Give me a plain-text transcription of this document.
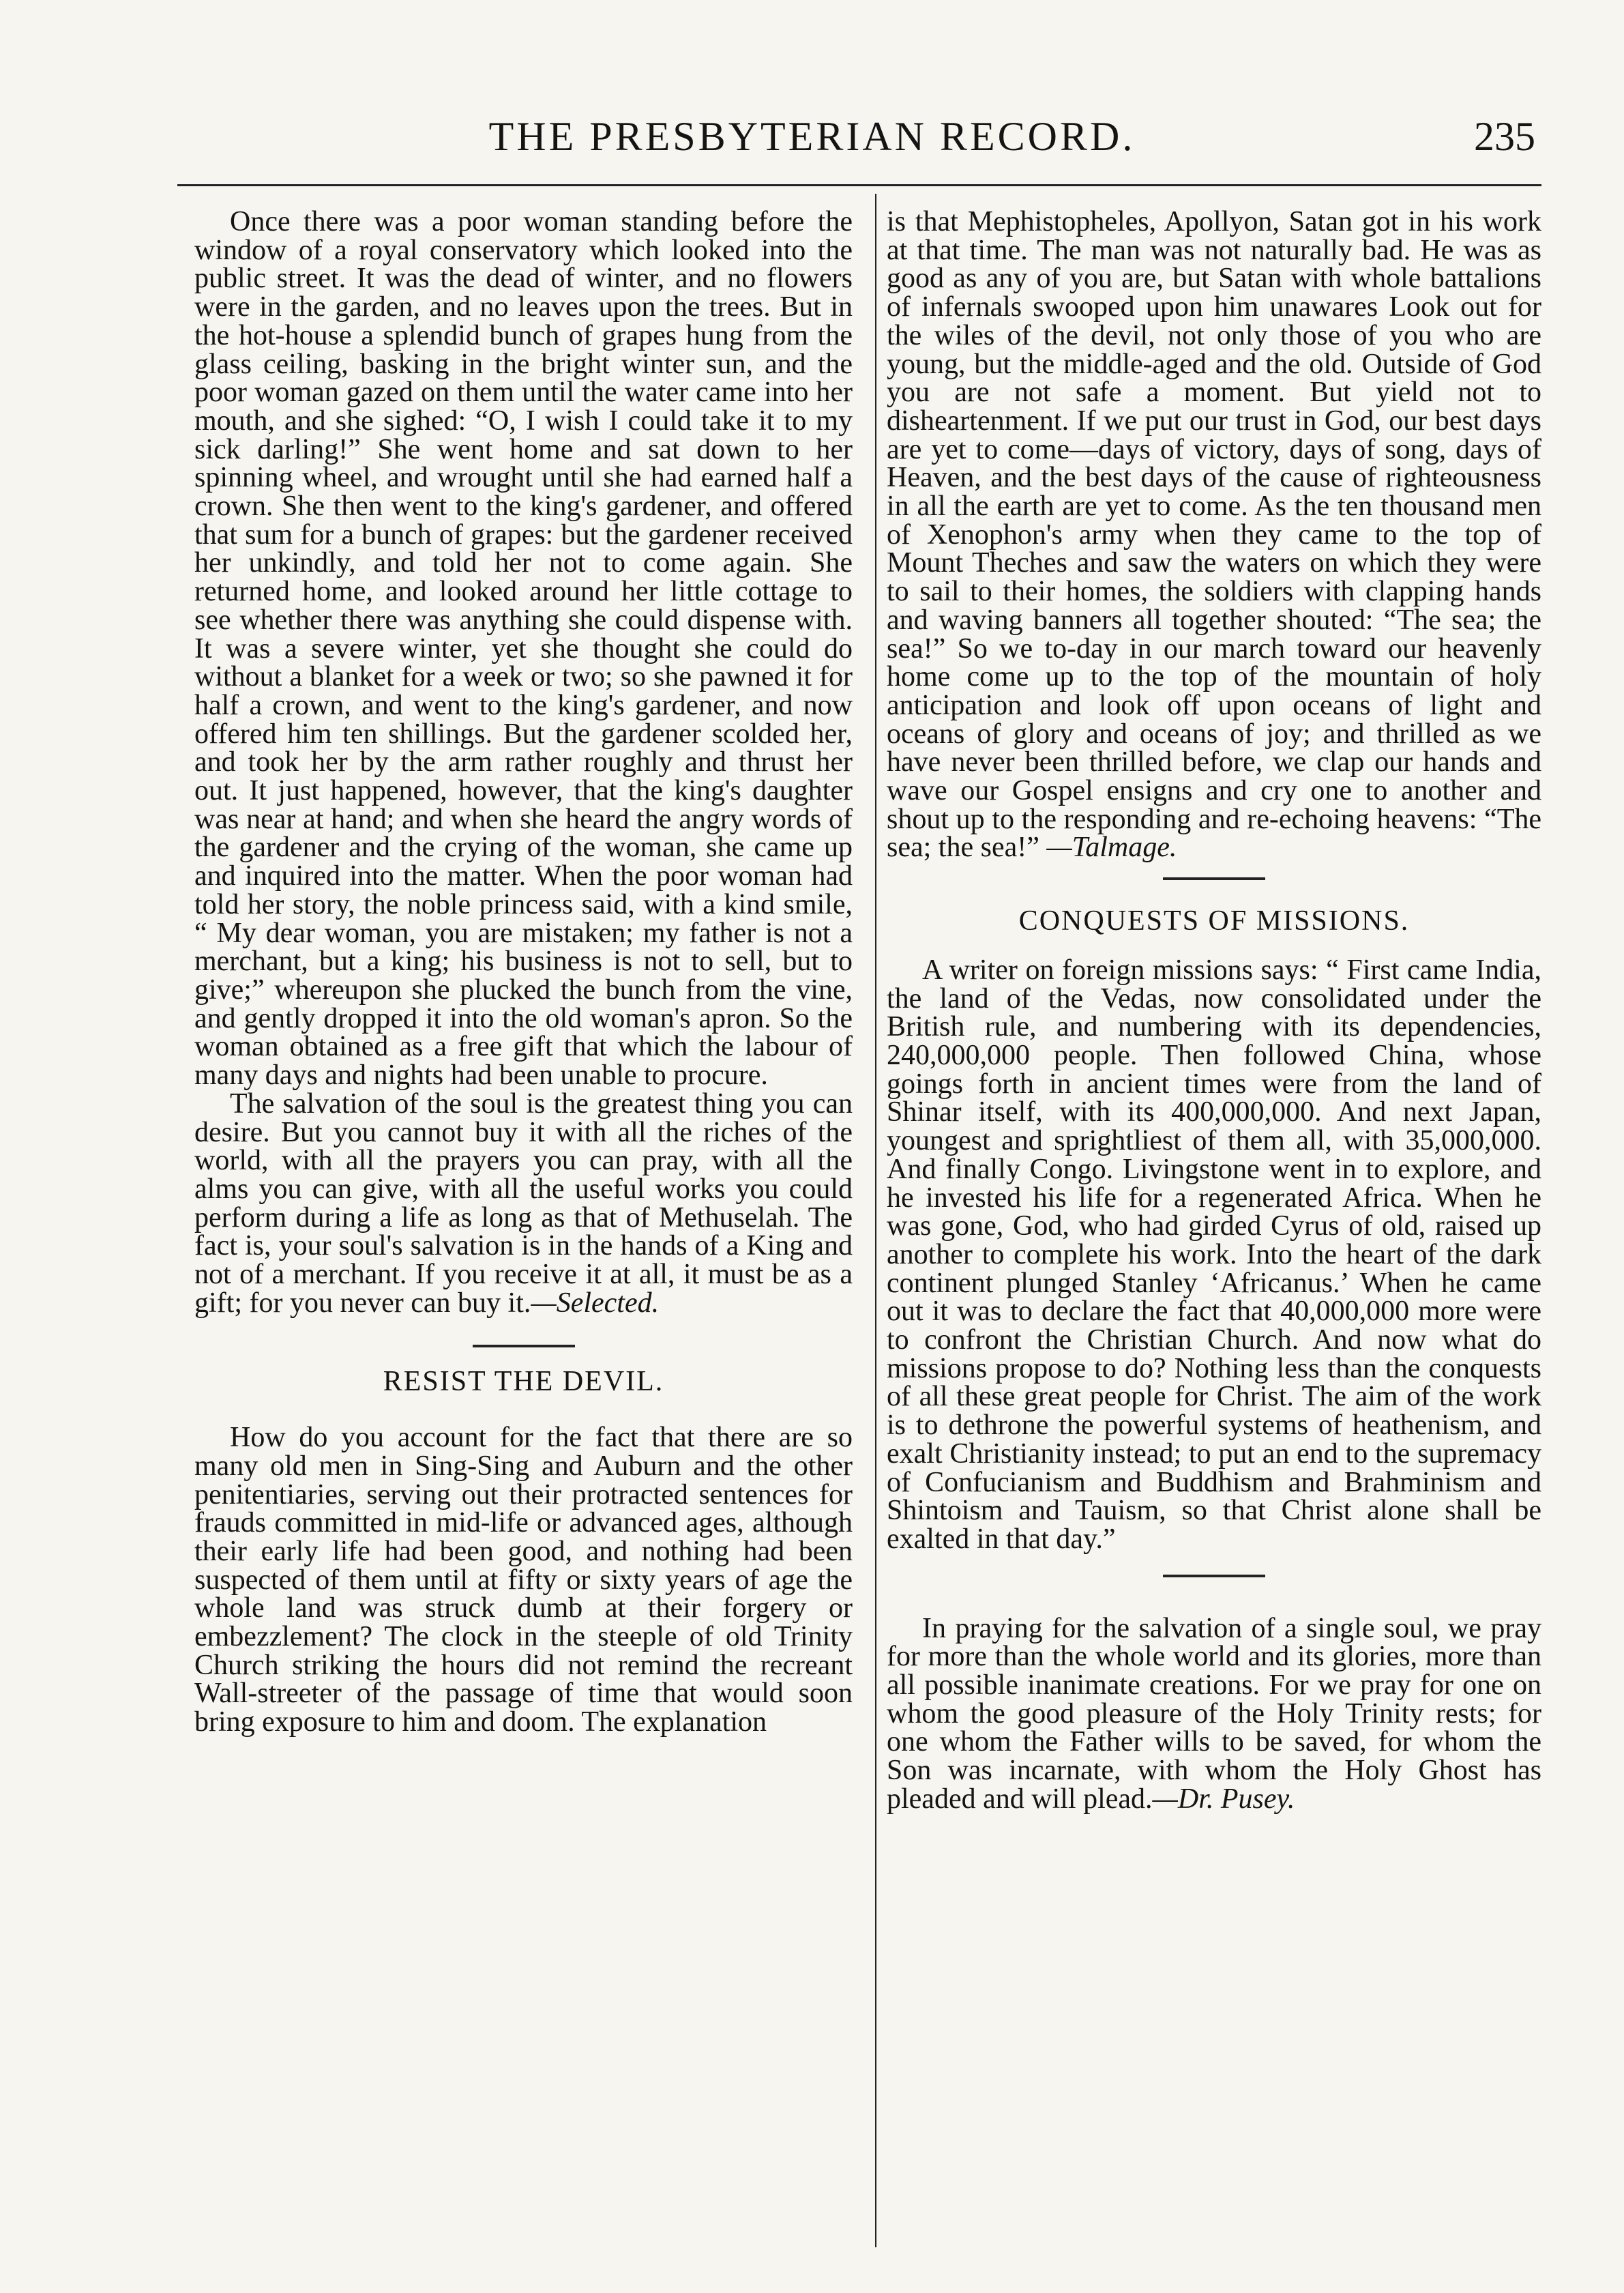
THE PRESBYTERIAN RECORD.	235

Once there was a poor woman standing before the window of a royal conservatory which looked into the public street. It was the dead of winter, and no flowers were in the garden, and no leaves upon the trees. But in the hot-house a splendid bunch of grapes hung from the glass ceiling, basking in the bright winter sun, and the poor woman gazed on them until the water came into her mouth, and she sighed: “O, I wish I could take it to my sick darling!” She went home and sat down to her spinning wheel, and wrought until she had earned half a crown. She then went to the king's gardener, and offered that sum for a bunch of grapes: but the gardener received her unkindly, and told her not to come again. She returned home, and looked around her little cottage to see whether there was anything she could dispense with. It was a severe winter, yet she thought she could do without a blanket for a week or two; so she pawned it for half a crown, and went to the king's gardener, and now offered him ten shillings. But the gardener scolded her, and took her by the arm rather roughly and thrust her out. It just happened, however, that the king's daughter was near at hand; and when she heard the angry words of the gardener and the crying of the woman, she came up and inquired into the matter. When the poor woman had told her story, the noble princess said, with a kind smile, “ My dear woman, you are mistaken; my father is not a merchant, but a king; his business is not to sell, but to give;” whereupon she plucked the bunch from the vine, and gently dropped it into the old woman's apron. So the woman obtained as a free gift that which the labour of many days and nights had been unable to procure.

The salvation of the soul is the greatest thing you can desire. But you cannot buy it with all the riches of the world, with all the prayers you can pray, with all the alms you can give, with all the useful works you could perform during a life as long as that of Methuselah. The fact is, your soul's salvation is in the hands of a King and not of a merchant. If you receive it at all, it must be as a gift; for you never can buy it.—Selected.

RESIST THE DEVIL.

How do you account for the fact that there are so many old men in Sing-Sing and Auburn and the other penitentiaries, serving out their protracted sentences for frauds committed in mid-life or advanced ages, although their early life had been good, and nothing had been suspected of them until at fifty or sixty years of age the whole land was struck dumb at their forgery or embezzlement? The clock in the steeple of old Trinity Church striking the hours did not remind the recreant Wall-streeter of the passage of time that would soon bring exposure to him and doom. The explanation

is that Mephistopheles, Apollyon, Satan got in his work at that time. The man was not naturally bad. He was as good as any of you are, but Satan with whole battalions of infernals swooped upon him unawares Look out for the wiles of the devil, not only those of you who are young, but the middle-aged and the old. Outside of God you are not safe a moment. But yield not to disheartenment. If we put our trust in God, our best days are yet to come—days of victory, days of song, days of Heaven, and the best days of the cause of righteousness in all the earth are yet to come. As the ten thousand men of Xenophon's army when they came to the top of Mount Theches and saw the waters on which they were to sail to their homes, the soldiers with clapping hands and waving banners all together shouted: “The sea; the sea!” So we to-day in our march toward our heavenly home come up to the top of the mountain of holy anticipation and look off upon oceans of light and oceans of glory and oceans of joy; and thrilled as we have never been thrilled before, we clap our hands and wave our Gospel ensigns and cry one to another and shout up to the responding and re-echoing heavens: “The sea; the sea!” —Talmage.

CONQUESTS OF MISSIONS.

A writer on foreign missions says: “ First came India, the land of the Vedas, now consolidated under the British rule, and numbering with its dependencies, 240,000,000 people. Then followed China, whose goings forth in ancient times were from the land of Shinar itself, with its 400,000,000. And next Japan, youngest and sprightliest of them all, with 35,000,000. And finally Congo. Livingstone went in to explore, and he invested his life for a regenerated Africa. When he was gone, God, who had girded Cyrus of old, raised up another to complete his work. Into the heart of the dark continent plunged Stanley ‘Africanus.’ When he came out it was to declare the fact that 40,000,000 more were to confront the Christian Church. And now what do missions propose to do? Nothing less than the conquests of all these great people for Christ. The aim of the work is to dethrone the powerful systems of heathenism, and exalt Christianity instead; to put an end to the supremacy of Confucianism and Buddhism and Brahminism and Shintoism and Tauism, so that Christ alone shall be exalted in that day.”

In praying for the salvation of a single soul, we pray for more than the whole world and its glories, more than all possible inanimate creations. For we pray for one on whom the good pleasure of the Holy Trinity rests; for one whom the Father wills to be saved, for whom the Son was incarnate, with whom the Holy Ghost has pleaded and will plead.—Dr. Pusey.
